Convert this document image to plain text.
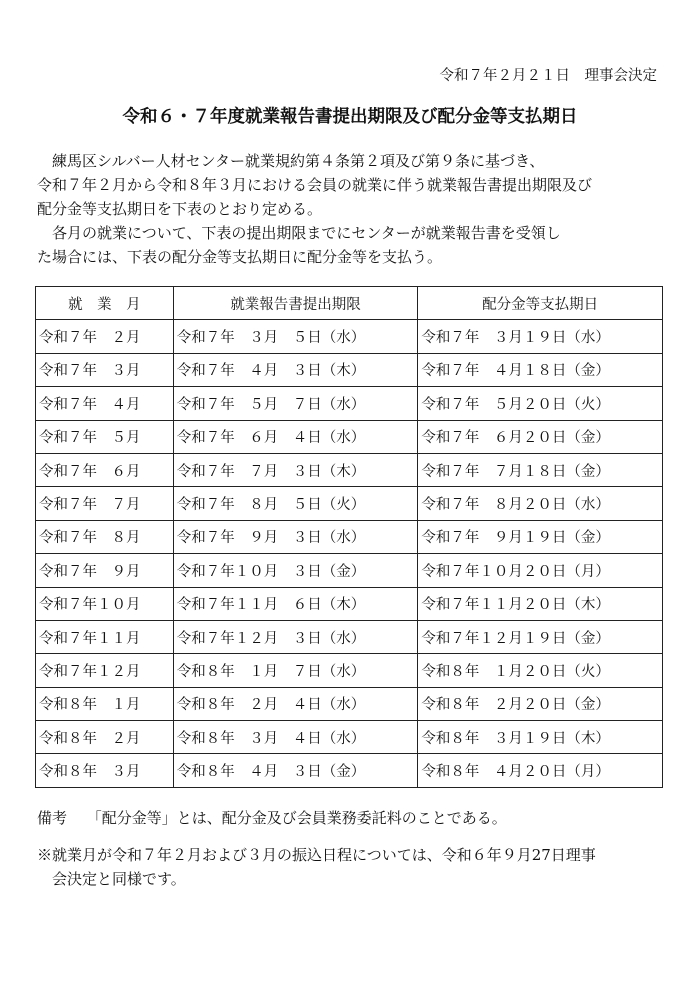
令和７年２月２１日　理事会決定
令和６・７年度就業報告書提出期限及び配分金等支払期日

　練馬区シルバー人材センター就業規約第４条第２項及び第９条に基づき、

令和７年２月から令和８年３月における会員の就業に伴う就業報告書提出期限及び

配分金等支払期日を下表のとおり定める。

　各月の就業について、下表の提出期限までにセンターが就業報告書を受領し

た場合には、下表の配分金等支払期日に配分金等を支払う。

就　業　月	就業報告書提出期限	配分金等支払期日
令和７年　２月	令和７年　３月　５日（水）	令和７年　３月１９日（水）
令和７年　３月	令和７年　４月　３日（木）	令和７年　４月１８日（金）
令和７年　４月	令和７年　５月　７日（水）	令和７年　５月２０日（火）
令和７年　５月	令和７年　６月　４日（水）	令和７年　６月２０日（金）
令和７年　６月	令和７年　７月　３日（木）	令和７年　７月１８日（金）
令和７年　７月	令和７年　８月　５日（火）	令和７年　８月２０日（水）
令和７年　８月	令和７年　９月　３日（水）	令和７年　９月１９日（金）
令和７年　９月	令和７年１０月　３日（金）	令和７年１０月２０日（月）
令和７年１０月	令和７年１１月　６日（木）	令和７年１１月２０日（木）
令和７年１１月	令和７年１２月　３日（水）	令和７年１２月１９日（金）
令和７年１２月	令和８年　１月　７日（水）	令和８年　１月２０日（火）
令和８年　１月	令和８年　２月　４日（水）	令和８年　２月２０日（金）
令和８年　２月	令和８年　３月　４日（水）	令和８年　３月１９日（木）
令和８年　３月	令和８年　４月　３日（金）	令和８年　４月２０日（月）

備考　 「配分金等」とは、配分金及び会員業務委託料のことである。

※就業月が令和７年２月および３月の振込日程については、令和６年９月27日理事

　会決定と同様です。
